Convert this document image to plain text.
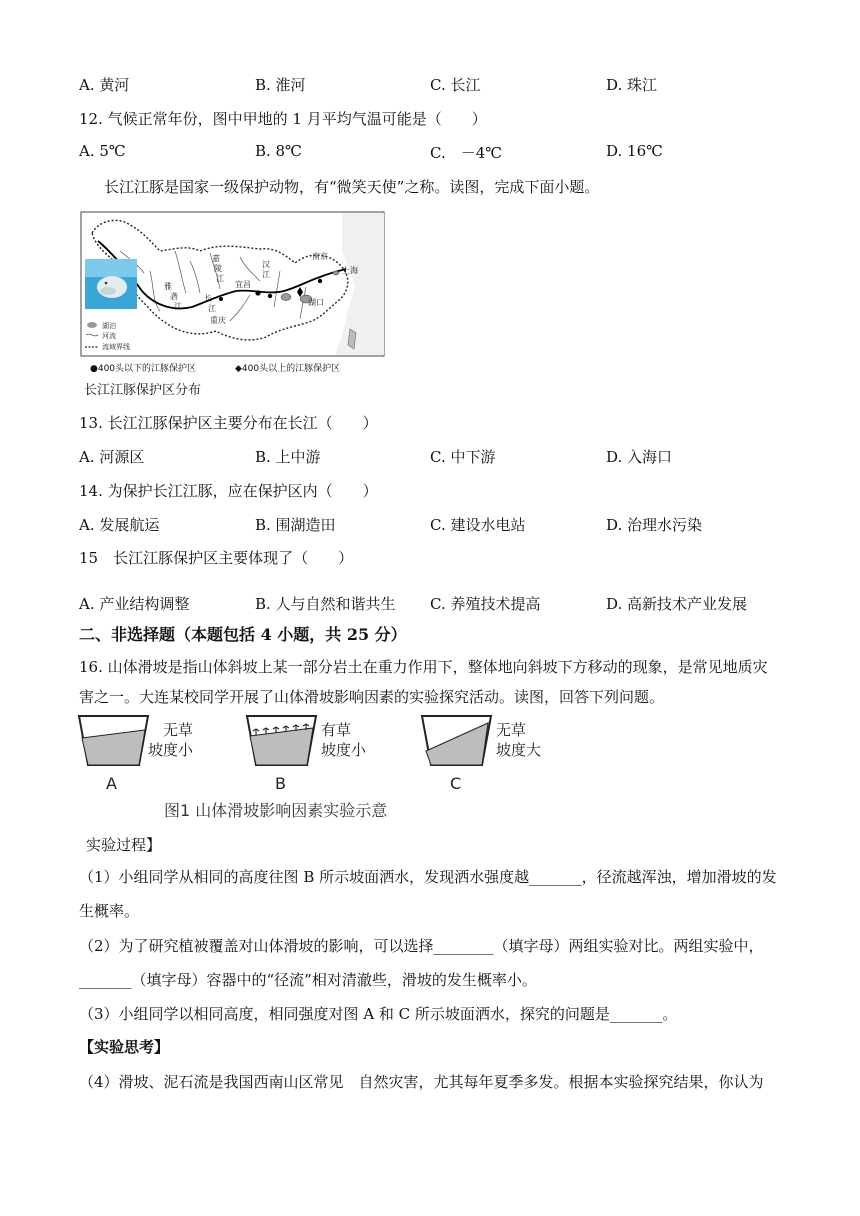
A. 黄河	B. 淮河	C. 长江	D. 珠江
12. 气候正常年份，图中甲地的 1 月平均气温可能是（　　）
A. 5℃	B. 8℃	C.　－4℃	D. 16℃
长江江豚是国家一级保护动物，有“微笑天使”之称。读图，完成下面小题。
湖泊
河流
流域界线
雅砻江
嘉陵江
汉江
长
江
宜昌
重庆
南京
上海
湖口
●400头以下的江豚保护区	◆400头以上的江豚保护区
长江江豚保护区分布
13. 长江江豚保护区主要分布在长江（　　）
A. 河源区	B. 上中游	C. 中下游	D. 入海口
14. 为保护长江江豚，应在保护区内（　　）
A. 发展航运	B. 围湖造田	C. 建设水电站	D. 治理水污染
15　长江江豚保护区主要体现了（　　）
A. 产业结构调整	B. 人与自然和谐共生 C. 养殖技术提高	D. 高新技术产业发展
二、非选择题（本题包括 4 小题，共 25 分）
16. 山体滑坡是指山体斜坡上某一部分岩土在重力作用下，整体地向斜坡下方移动的现象，是常见地质灾
害之一。大连某校同学开展了山体滑坡影响因素的实验探究活动。读图，回答下列问题。
无草
坡度小
A
有草
坡度小
B
无草
坡度大
C
图1 山体滑坡影响因素实验示意
实验过程】
（1）小组同学从相同的高度往图 B 所示坡面洒水，发现洒水强度越_______，径流越浑浊，增加滑坡的发
生概率。
（2）为了研究植被覆盖对山体滑坡的影响，可以选择________（填字母）两组实验对比。两组实验中，
_______（填字母）容器中的“径流”相对清澈些，滑坡的发生概率小。
（3）小组同学以相同高度，相同强度对图 A 和 C 所示坡面洒水，探究的问题是_______。
【实验思考】
（4）滑坡、泥石流是我国西南山区常见　自然灾害，尤其每年夏季多发。根据本实验探究结果，你认为
